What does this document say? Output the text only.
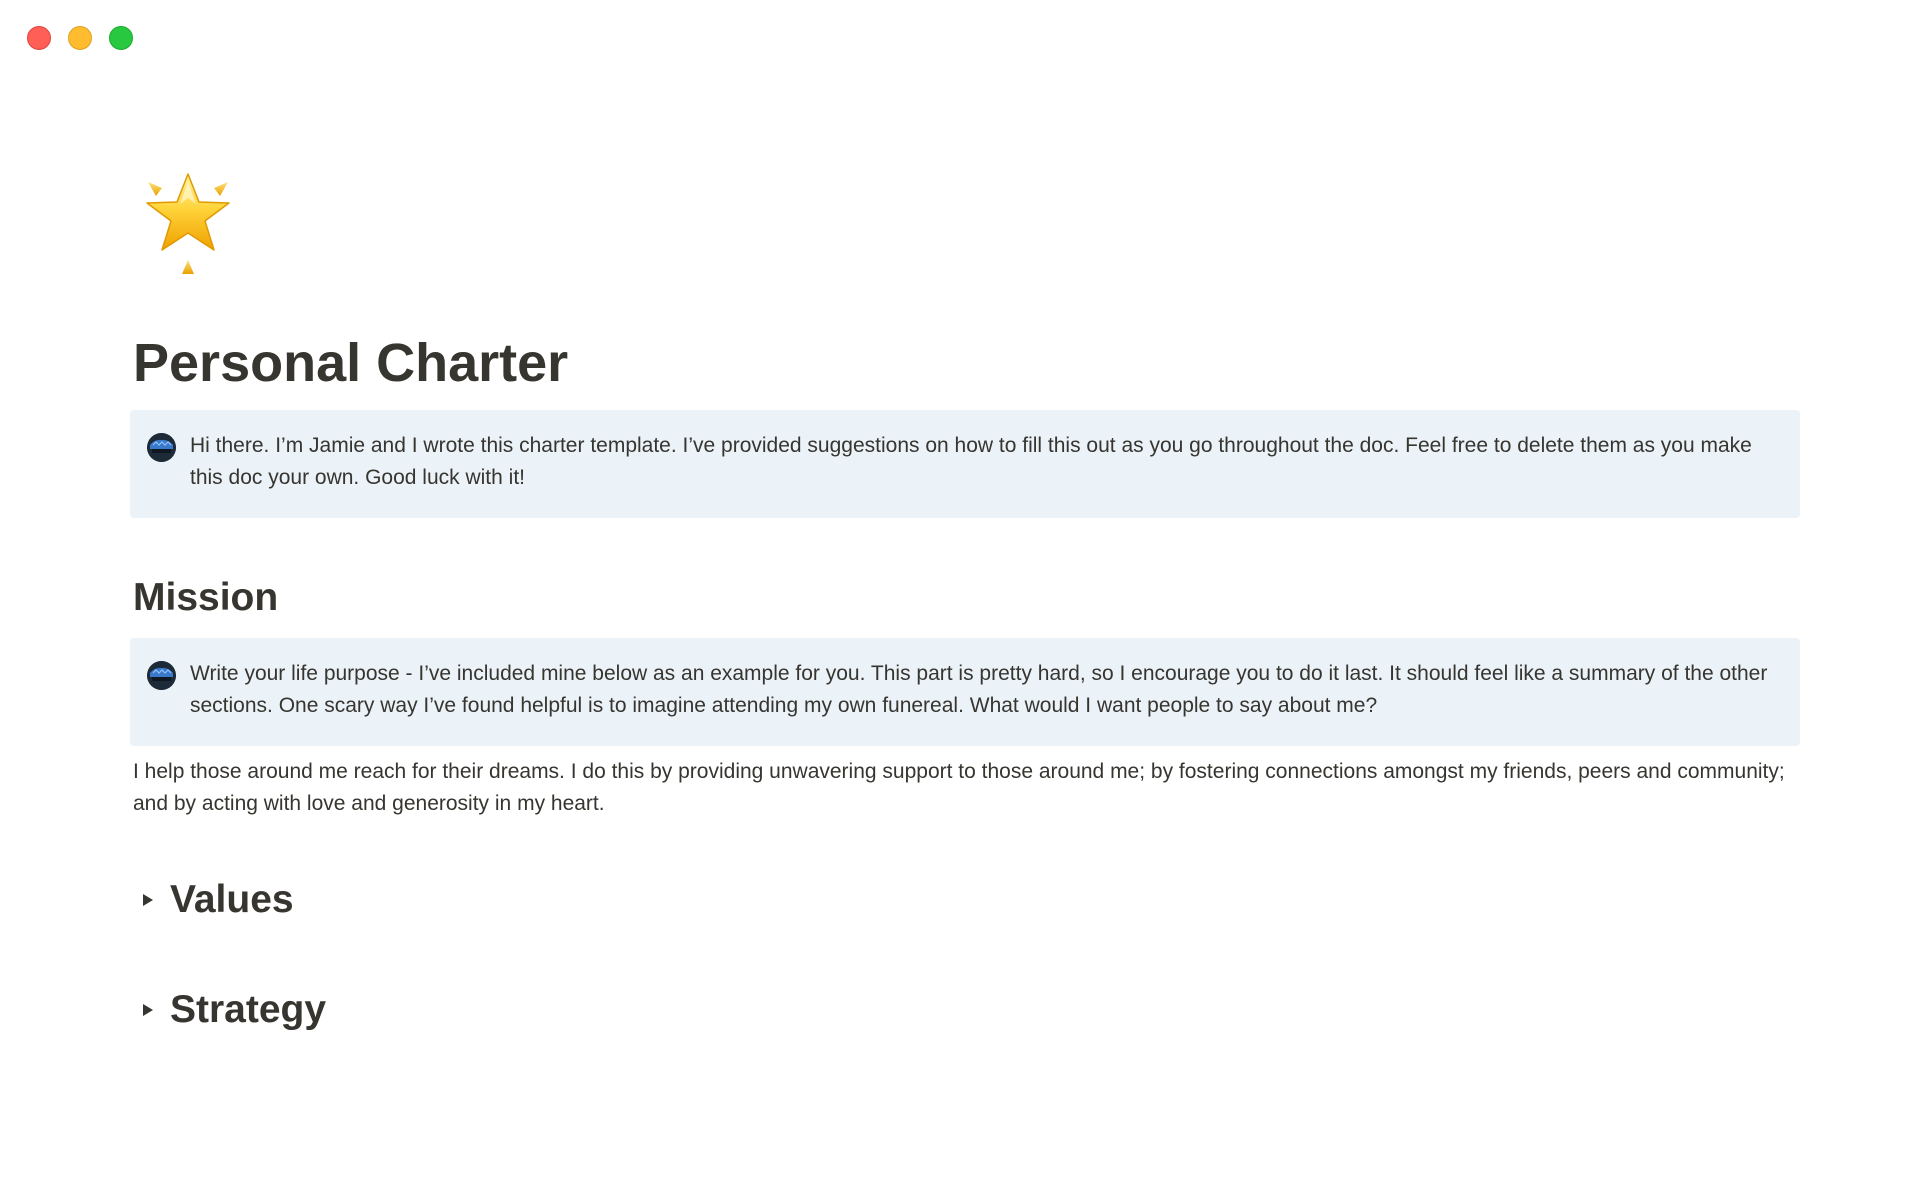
Personal Charter
Hi there. I’m Jamie and I wrote this charter template. I’ve provided suggestions on how to fill this out as you go throughout the doc. Feel free to delete them as you make this doc your own. Good luck with it!
Mission
Write your life purpose - I’ve included mine below as an example for you. This part is pretty hard, so I encourage you to do it last. It should feel like a summary of the other sections. One scary way I’ve found helpful is to imagine attending my own funereal. What would I want people to say about me?

I help those around me reach for their dreams. I do this by providing unwavering support to those around me; by fostering connections amongst my friends, peers and community; and by acting with love and generosity in my heart.

Values
Strategy
